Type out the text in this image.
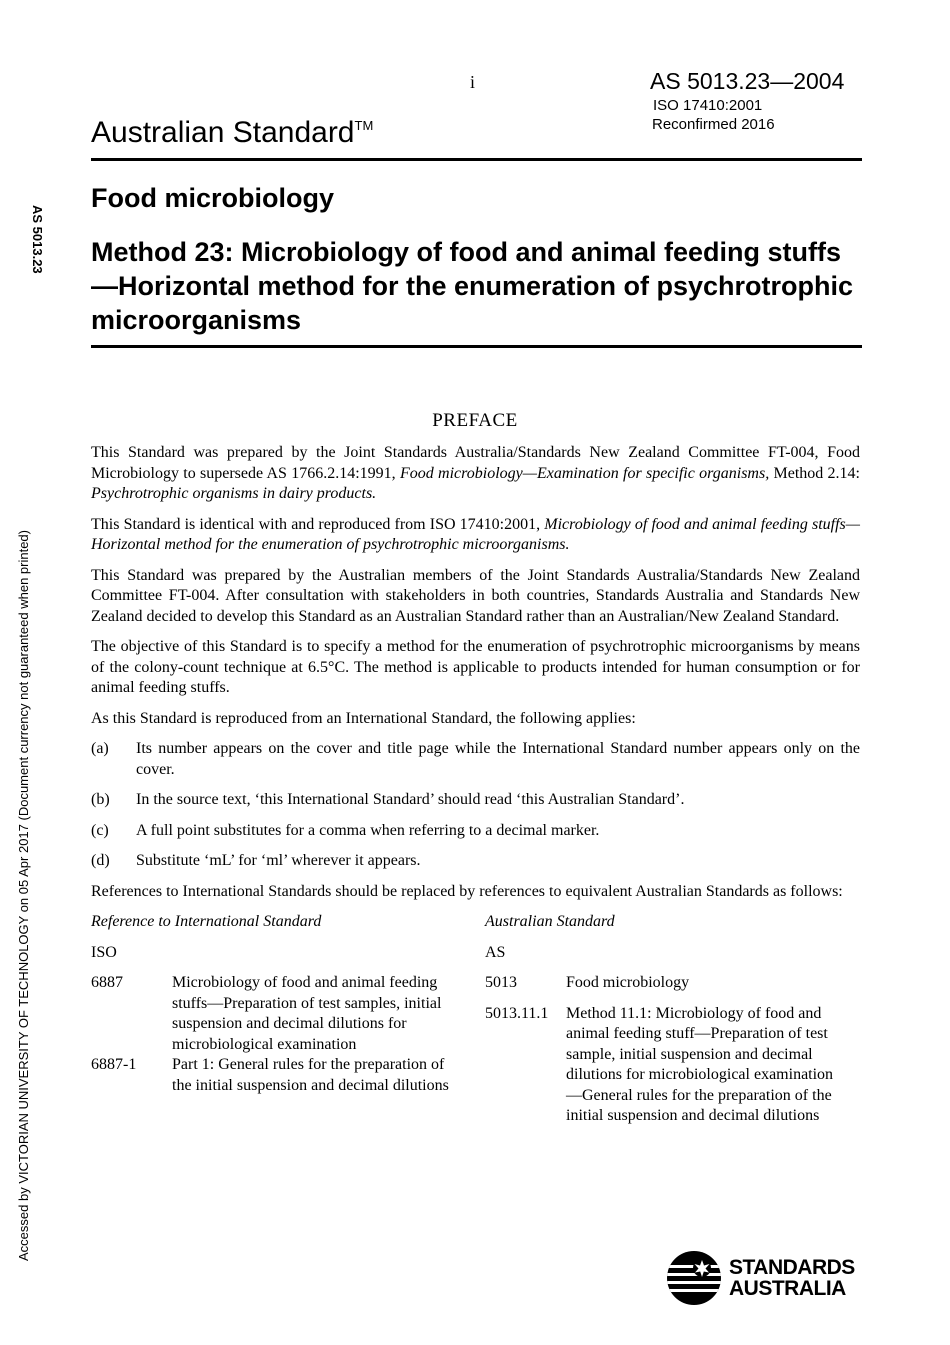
i	AS 5013.23—2004
ISO 17410:2001
Reconfirmed 2016
Australian Standard™
AS 5013.23
Accessed by VICTORIAN UNIVERSITY OF TECHNOLOGY on 05 Apr 2017 (Document currency not guaranteed when printed)
Food microbiology
Method 23: Microbiology of food and animal feeding stuffs—Horizontal method for the enumeration of psychrotrophic microorganisms
PREFACE

This Standard was prepared by the Joint Standards Australia/Standards New Zealand Committee FT-004, Food Microbiology to supersede AS 1766.2.14:1991, Food microbiology—Examination for specific organisms, Method 2.14: Psychrotrophic organisms in dairy products.

This Standard is identical with and reproduced from ISO 17410:2001, Microbiology of food and animal feeding stuffs—Horizontal method for the enumeration of psychrotrophic microorganisms.

This Standard was prepared by the Australian members of the Joint Standards Australia/Standards New Zealand Committee FT-004. After consultation with stakeholders in both countries, Standards Australia and Standards New Zealand decided to develop this Standard as an Australian Standard rather than an Australian/New Zealand Standard.

The objective of this Standard is to specify a method for the enumeration of psychrotrophic microorganisms by means of the colony-count technique at 6.5°C. The method is applicable to products intended for human consumption or for animal feeding stuffs.

As this Standard is reproduced from an International Standard, the following applies:

(a)	Its number appears on the cover and title page while the International Standard number appears only on the cover.
(b)	In the source text, ‘this International Standard’ should read ‘this Australian Standard’.
(c)	A full point substitutes for a comma when referring to a decimal marker.
(d)	Substitute ‘mL’ for ‘ml’ wherever it appears.

References to International Standards should be replaced by references to equivalent Australian Standards as follows:

Reference to International Standard
ISO
6887	Microbiology of food and animal feeding stuffs—Preparation of test samples, initial suspension and decimal dilutions for microbiological examination
6887-1	Part 1: General rules for the preparation of the initial suspension and decimal dilutions
Australian Standard
AS
5013	Food microbiology
5013.11.1	Method 11.1: Microbiology of food and animal feeding stuff—Preparation of test sample, initial suspension and decimal dilutions for microbiological examination—General rules for the preparation of the initial suspension and decimal dilutions
STANDARDS
AUSTRALIA
